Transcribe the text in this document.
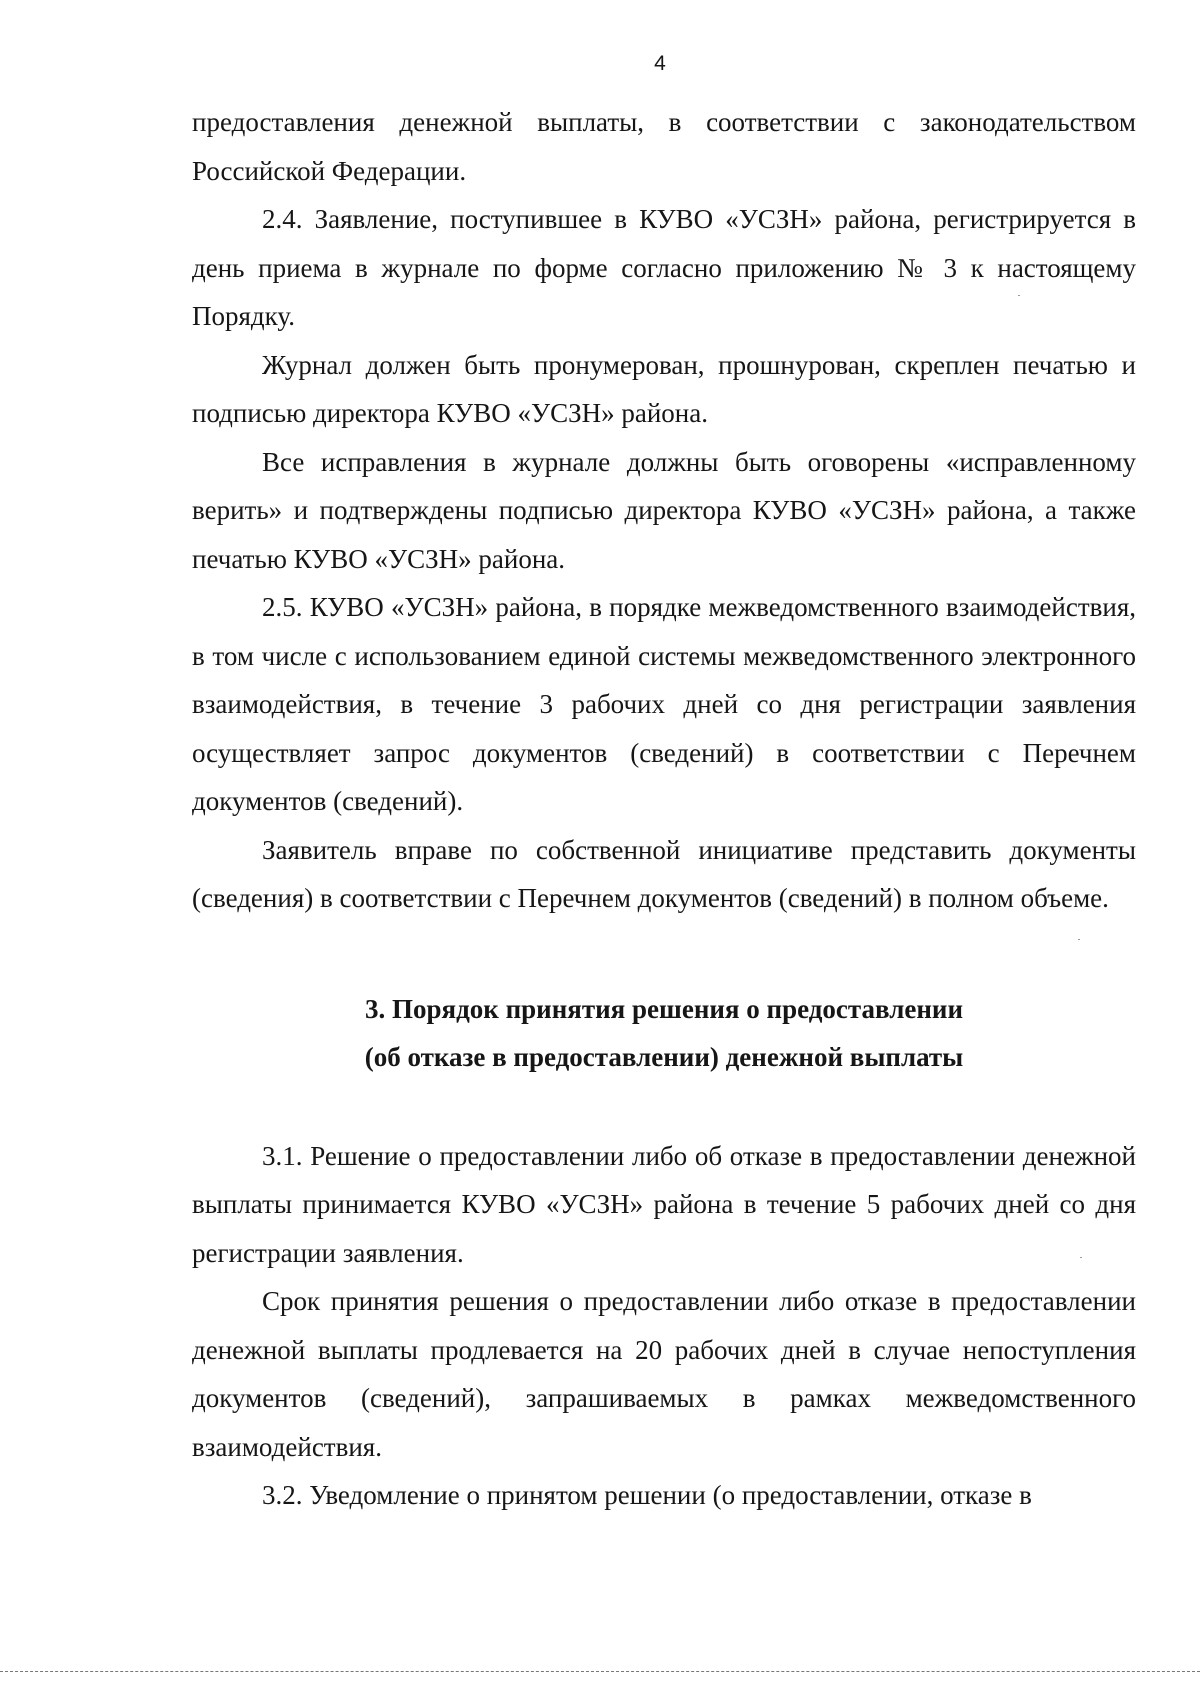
4

предоставления денежной выплаты, в соответствии с законодательством Российской Федерации.

2.4. Заявление, поступившее в КУВО «УСЗН» района, регистрируется в день приема в журнале по форме согласно приложению № 3 к настоящему Порядку.

Журнал должен быть пронумерован, прошнурован, скреплен печатью и подписью директора КУВО «УСЗН» района.

Все исправления в журнале должны быть оговорены «исправленному верить» и подтверждены подписью директора КУВО «УСЗН» района, а также печатью КУВО «УСЗН» района.

2.5. КУВО «УСЗН» района, в порядке межведомственного взаимодействия, в том числе с использованием единой системы межведомственного электронного взаимодействия, в течение 3 рабочих дней со дня регистрации заявления осуществляет запрос документов (сведений) в соответствии с Перечнем документов (сведений).

Заявитель вправе по собственной инициативе представить документы (сведения) в соответствии с Перечнем документов (сведений) в полном объеме.

3. Порядок принятия решения о предоставлении
(об отказе в предоставлении) денежной выплаты

3.1. Решение о предоставлении либо об отказе в предоставлении денежной выплаты принимается КУВО «УСЗН» района в течение 5 рабочих дней со дня регистрации заявления.

Срок принятия решения о предоставлении либо отказе в предоставлении денежной выплаты продлевается на 20 рабочих дней в случае непоступления документов (сведений), запрашиваемых в рамках межведомственного взаимодействия.

3.2. Уведомление о принятом решении (о предоставлении, отказе в
